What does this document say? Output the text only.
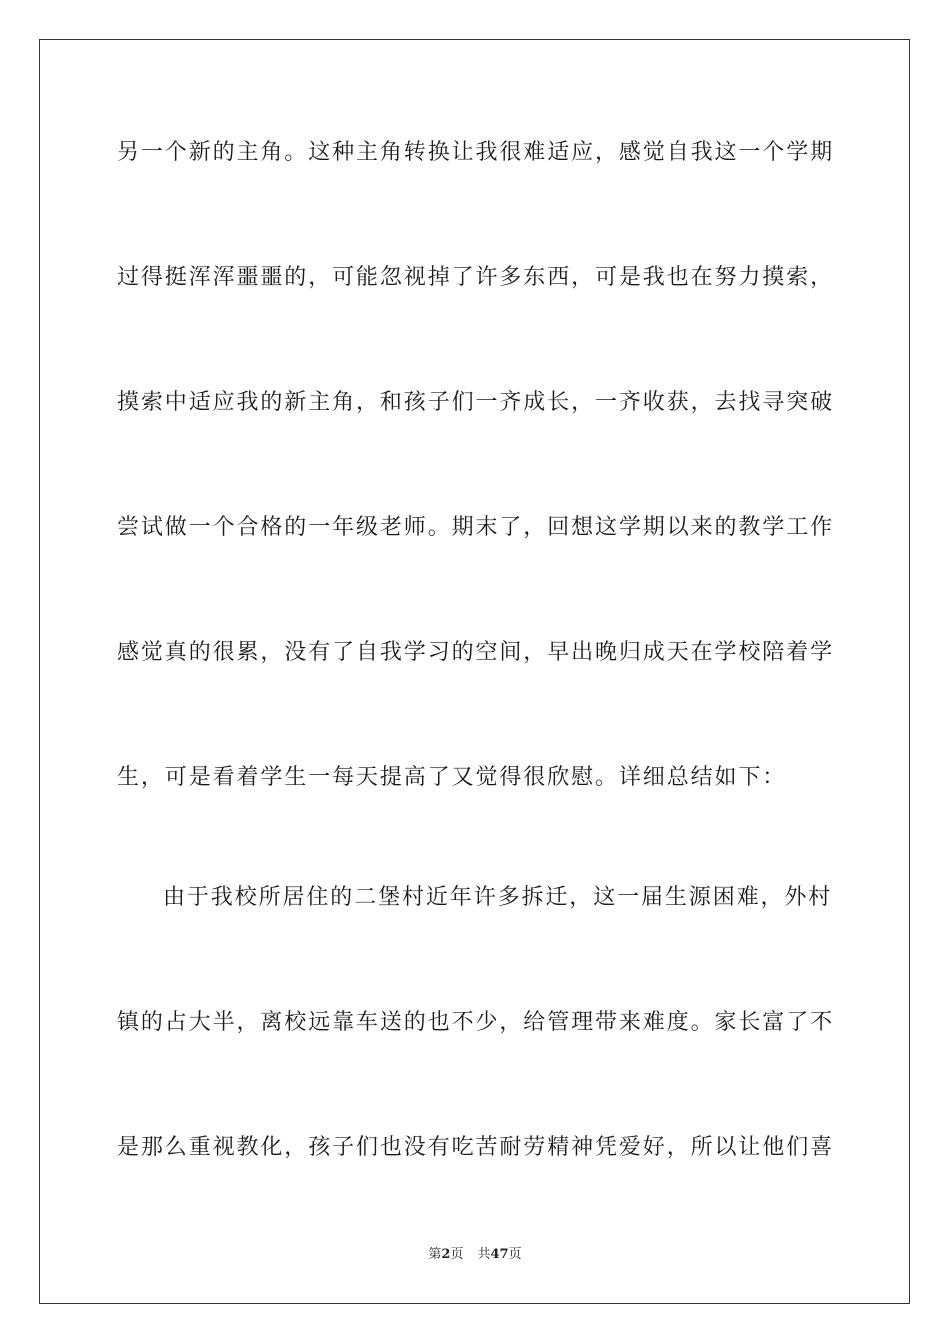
另一个新的主角。这种主角转换让我很难适应，感觉自我这一个学期
过得挺浑浑噩噩的，可能忽视掉了许多东西，可是我也在努力摸索，
摸索中适应我的新主角，和孩子们一齐成长，一齐收获，去找寻突破
尝试做一个合格的一年级老师。期末了，回想这学期以来的教学工作
感觉真的很累，没有了自我学习的空间，早出晚归成天在学校陪着学
生，可是看着学生一每天提高了又觉得很欣慰。详细总结如下：
由于我校所居住的二堡村近年许多拆迁，这一届生源困难，外村
镇的占大半，离校远靠车送的也不少，给管理带来难度。家长富了不
是那么重视教化，孩子们也没有吃苦耐劳精神凭爱好，所以让他们喜
第2页 共47页
